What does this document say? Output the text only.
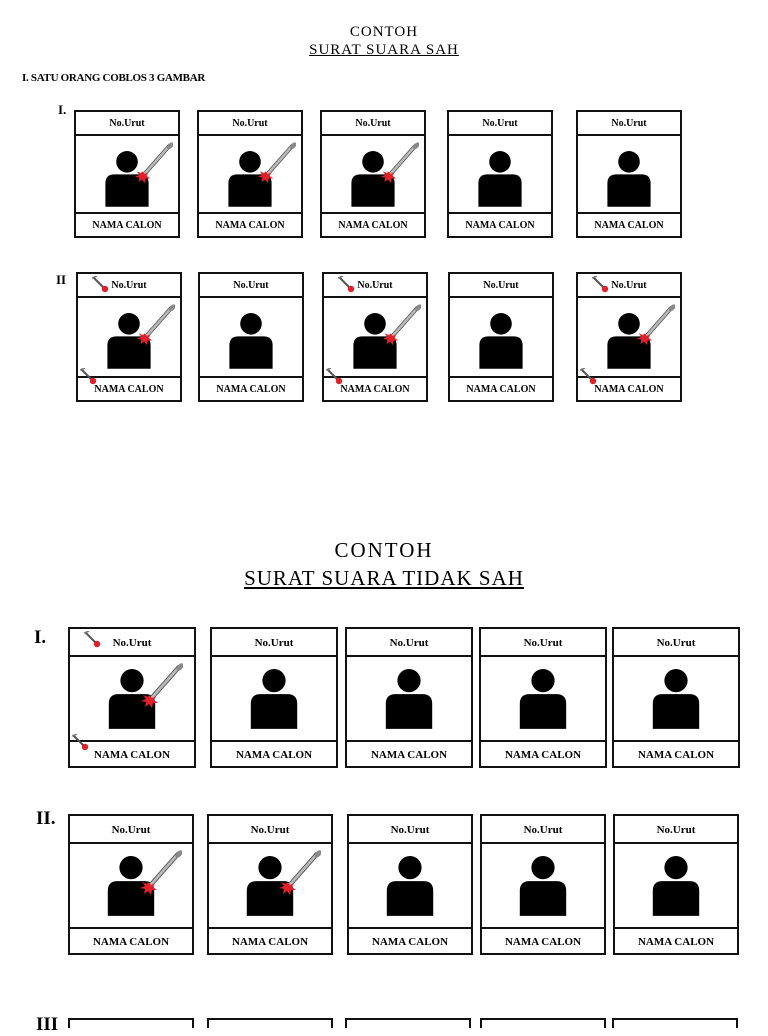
CONTOH
SURAT SUARA SAH
I. SATU ORANG COBLOS 3 GAMBAR
CONTOH
SURAT SUARA TIDAK SAH
I.
No.Urut
NAMA CALON
No.Urut
NAMA CALON
No.Urut
NAMA CALON
No.Urut
NAMA CALON
No.Urut
NAMA CALON
II	No.Urut
NAMA CALON
No.Urut
NAMA CALON
No.Urut
NAMA CALON
No.Urut
NAMA CALON
No.Urut
NAMA CALON
I.	No.Urut
NAMA CALON
No.Urut
NAMA CALON
No.Urut
NAMA CALON
No.Urut
NAMA CALON
No.Urut
NAMA CALON
II.
No.Urut
NAMA CALON
No.Urut
NAMA CALON
No.Urut
NAMA CALON
No.Urut
NAMA CALON
No.Urut
NAMA CALON
III
